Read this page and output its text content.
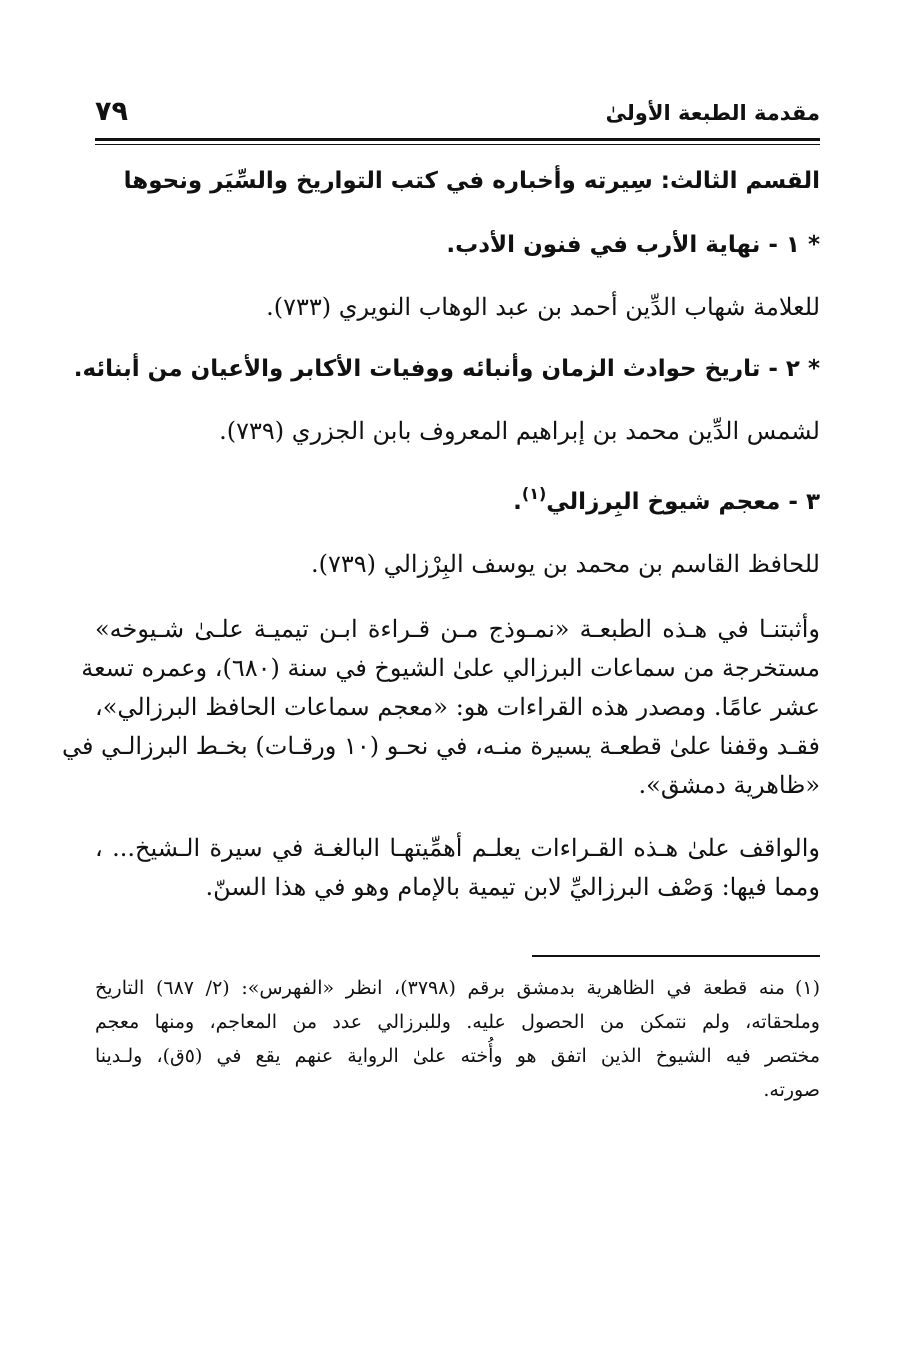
مقدمة الطبعة الأولىٰ
٧٩

القسم الثالث: سِيرته وأخباره في كتب التواريخ والسِّيَر ونحوها

* ١ - نهاية الأرب في فنون الأدب.

للعلامة شهاب الدِّين أحمد بن عبد الوهاب النويري (٧٣٣).

* ٢ - تاريخ حوادث الزمان وأنبائه ووفيات الأكابر والأعيان من أبنائه.

لشمس الدِّين محمد بن إبراهيم المعروف بابن الجزري (٧٣٩).

٣ - معجم شيوخ البِرزالي$^{(١)}$.

للحافظ القاسم بن محمد بن يوسف البِرْزالي (٧٣٩).

وأثبتنـا في هـذه الطبعـة «نمـوذج مـن قـراءة ابـن تيميـة علـىٰ شـيوخه»

مستخرجة من سماعات البرزالي علىٰ الشيوخ في سنة (٦٨٠)، وعمره تسعة

عشر عامًا. ومصدر هذه القراءات هو: «معجم سماعات الحافظ البرزالي»،

فقـد وقفنا علىٰ قطعـة يسيرة منـه، في نحـو (١٠ ورقـات) بخـط البرزالـي في

«ظاهرية دمشق».

والواقف علىٰ هـذه القـراءات يعلـم أهمِّيتهـا البالغـة في سيرة الـشيخ... ،

ومما فيها: وَصْف البرزاليِّ لابن تيمية بالإمام وهو في هذا السنّ.

(١)منه قطعة في الظاهرية بدمشق برقم (٣٧٩٨)، انظر «الفهرس»: (٢/ ٦٨٧) التاريخ

وملحقاته، ولم نتمكن من الحصول عليه. وللبرزالي عدد من المعاجم، ومنها معجم

مختصر فيه الشيوخ الذين اتفق هو وأُخته علىٰ الرواية عنهم يقع في (٥ق)، ولـدينا

صورته.
